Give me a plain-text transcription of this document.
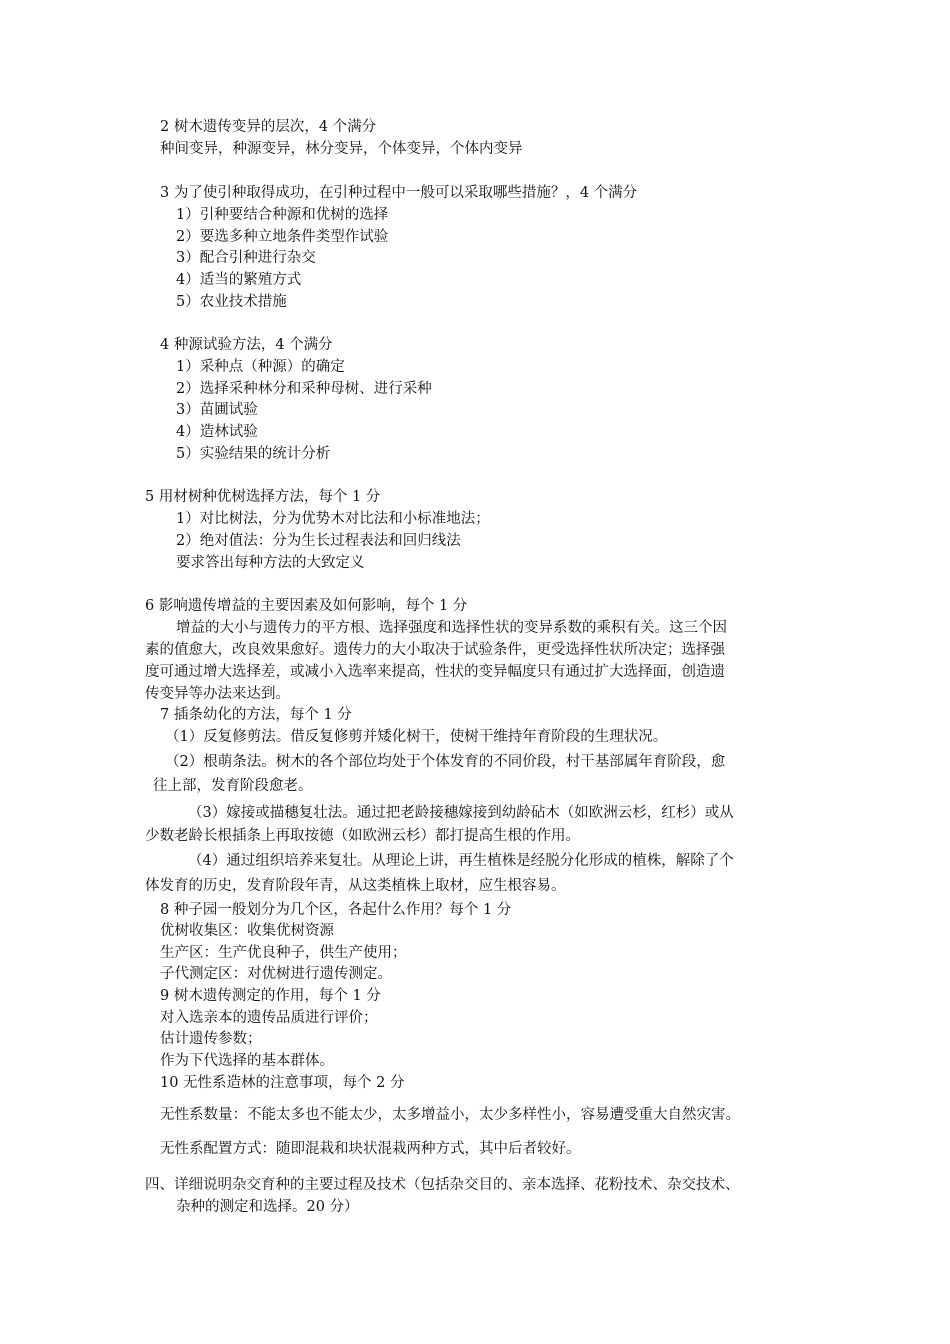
2 树木遗传变异的层次，4 个满分
种间变异，种源变异，林分变异，个体变异，个体内变异
3 为了使引种取得成功，在引种过程中一般可以采取哪些措施？，4 个满分
1）引种要结合种源和优树的选择
2）要选多种立地条件类型作试验
3）配合引种进行杂交
4）适当的繁殖方式
5）农业技术措施
4 种源试验方法，4 个满分
1）采种点（种源）的确定
2）选择采种林分和采种母树、进行采种
3）苗圃试验
4）造林试验
5）实验结果的统计分析
5 用材树种优树选择方法，每个 1 分
1）对比树法，分为优势木对比法和小标准地法；
2）绝对值法：分为生长过程表法和回归线法
要求答出每种方法的大致定义
6 影响遗传增益的主要因素及如何影响，每个 1 分
增益的大小与遗传力的平方根、选择强度和选择性状的变异系数的乘积有关。这三个因
素的值愈大，改良效果愈好。遗传力的大小取决于试验条件，更受选择性状所决定；选择强
度可通过增大选择差，或减小入选率来提高，性状的变异幅度只有通过扩大选择面，创造遗
传变异等办法来达到。
7 插条幼化的方法，每个 1 分
（1）反复修剪法。借反复修剪并矮化树干，使树干维持年育阶段的生理状况。
（2）根萌条法。树木的各个部位均处于个体发育的不同价段，村干基部属年育阶段，愈
往上部，发育阶段愈老。
（3）嫁接或描穗复壮法。通过把老龄接穗嫁接到幼龄砧木（如欧洲云杉，红杉）或从
少数老龄长根插条上再取按德（如欧洲云杉）都打提高生根的作用。
（4）通过组织培养来复壮。从理论上讲，再生植株是经脱分化形成的植株，解除了个
体发育的历史，发育阶段年青，从这类植株上取材，应生根容易。
8 种子园一般划分为几个区，各起什么作用？每个 1 分
优树收集区：收集优树资源
生产区：生产优良种子，供生产使用；
子代测定区：对优树进行遗传测定。
9 树木遗传测定的作用，每个 1 分
对入选亲本的遗传品质进行评价；
估计遗传参数；
作为下代选择的基本群体。
10 无性系造林的注意事项，每个 2 分
无性系数量：不能太多也不能太少，太多增益小，太少多样性小，容易遭受重大自然灾害。
无性系配置方式：随即混栽和块状混栽两种方式，其中后者较好。
四、详细说明杂交育种的主要过程及技术（包括杂交目的、亲本选择、花粉技术、杂交技术、
杂种的测定和选择。20 分）
